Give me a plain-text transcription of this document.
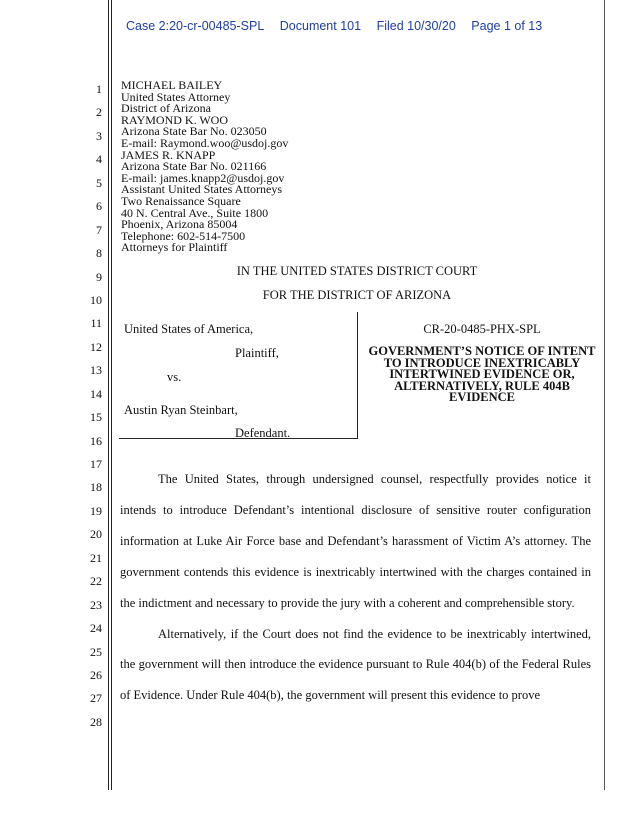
Case 2:20-cr-00485-SPL Document 101 Filed 10/30/20 Page 1 of 13
1
2
3
4
5
6
7
8
9
10
11
12
13
14
15
16
17
18
19
20
21
22
23
24
25
26
27
28
MICHAEL BAILEY
United States Attorney
District of Arizona
RAYMOND K. WOO
Arizona State Bar No. 023050
E-mail: Raymond.woo@usdoj.gov
JAMES R. KNAPP
Arizona State Bar No. 021166
E-mail: james.knapp2@usdoj.gov
Assistant United States Attorneys
Two Renaissance Square
40 N. Central Ave., Suite 1800
Phoenix, Arizona 85004
Telephone: 602-514-7500
Attorneys for Plaintiff
IN THE UNITED STATES DISTRICT COURT
FOR THE DISTRICT OF ARIZONA
United States of America,
Plaintiff,
vs.
Austin Ryan Steinbart,
Defendant.
CR-20-0485-PHX-SPL
GOVERNMENT’S NOTICE OF INTENT
TO INTRODUCE INEXTRICABLY
INTERTWINED EVIDENCE OR,
ALTERNATIVELY, RULE 404B
EVIDENCE

The United States, through undersigned counsel, respectfully provides notice it intends to introduce Defendant’s intentional disclosure of sensitive router configuration information at Luke Air Force base and Defendant’s harassment of Victim A’s attorney. The government contends this evidence is inextricably intertwined with the charges contained in the indictment and necessary to provide the jury with a coherent and comprehensible story.

Alternatively, if the Court does not find the evidence to be inextricably intertwined, the government will then introduce the evidence pursuant to Rule 404(b) of the Federal Rules of Evidence. Under Rule 404(b), the government will present this evidence to prove
